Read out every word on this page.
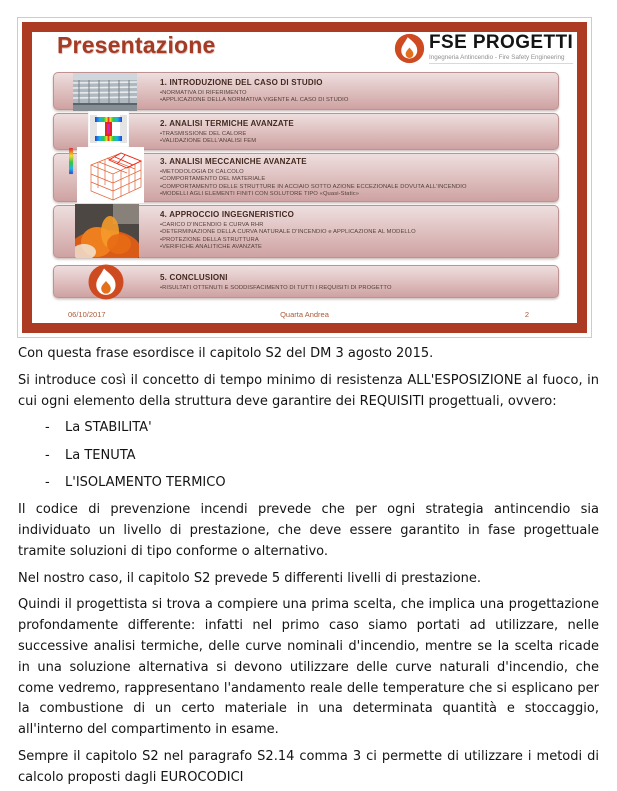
Presentazione	FSE PROGETTI
Ingegneria Antincendio - Fire Safety Engineering
1. INTRODUZIONE DEL CASO DI STUDIO
•NORMATIVA DI RIFERIMENTO
•APPLICAZIONE DELLA NORMATIVA VIGENTE AL CASO DI STUDIO
2. ANALISI TERMICHE AVANZATE
•TRASMISSIONE DEL CALORE
•VALIDAZIONE DELL'ANALISI FEM
3. ANALISI MECCANICHE AVANZATE
•METODOLOGIA DI CALCOLO
•COMPORTAMENTO DEL MATERIALE
•COMPORTAMENTO DELLE STRUTTURE IN ACCIAIO SOTTO AZIONE ECCEZIONALE DOVUTA ALL'INCENDIO
•MODELLI AGLI ELEMENTI FINITI CON SOLUTORE TIPO «Quasi-Static»
4. APPROCCIO INGEGNERISTICO
•CARICO D'INCENDIO E CURVA RHR
•DETERMINAZIONE DELLA CURVA NATURALE D'INCENDIO e APPLICAZIONE AL MODELLO
•PROTEZIONE DELLA STRUTTURA
•VERIFICHE ANALITICHE AVANZATE
5. CONCLUSIONI
•RISULTATI OTTENUTI E SODDISFACIMENTO DI TUTTI I REQUISITI DI PROGETTO
06/10/2017	Quarta Andrea	2

Con questa frase esordisce il capitolo S2 del DM 3 agosto 2015.

Si introduce così il concetto di tempo minimo di resistenza ALL'ESPOSIZIONE al fuoco, in cui ogni elemento della struttura deve garantire dei REQUISITI progettuali, ovvero:

-	La STABILITA'
-	La TENUTA
-	L'ISOLAMENTO TERMICO

Il codice di prevenzione incendi prevede che per ogni strategia antincendio sia individuato un livello di prestazione, che deve essere garantito in fase progettuale tramite soluzioni di tipo conforme o alternativo.

Nel nostro caso, il capitolo S2 prevede 5 differenti livelli di prestazione.

Quindi il progettista si trova a compiere una prima scelta, che implica una progettazione profondamente differente: infatti nel primo caso siamo portati ad utilizzare, nelle successive analisi termiche, delle curve nominali d'incendio, mentre se la scelta ricade in una soluzione alternativa si devono utilizzare delle curve naturali d'incendio, che come vedremo, rappresentano l'andamento reale delle temperature che si esplicano per la combustione di un certo materiale in una determinata quantità e stoccaggio, all'interno del compartimento in esame.

Sempre il capitolo S2 nel paragrafo S2.14 comma 3 ci permette di utilizzare i metodi di calcolo proposti dagli EUROCODICI
